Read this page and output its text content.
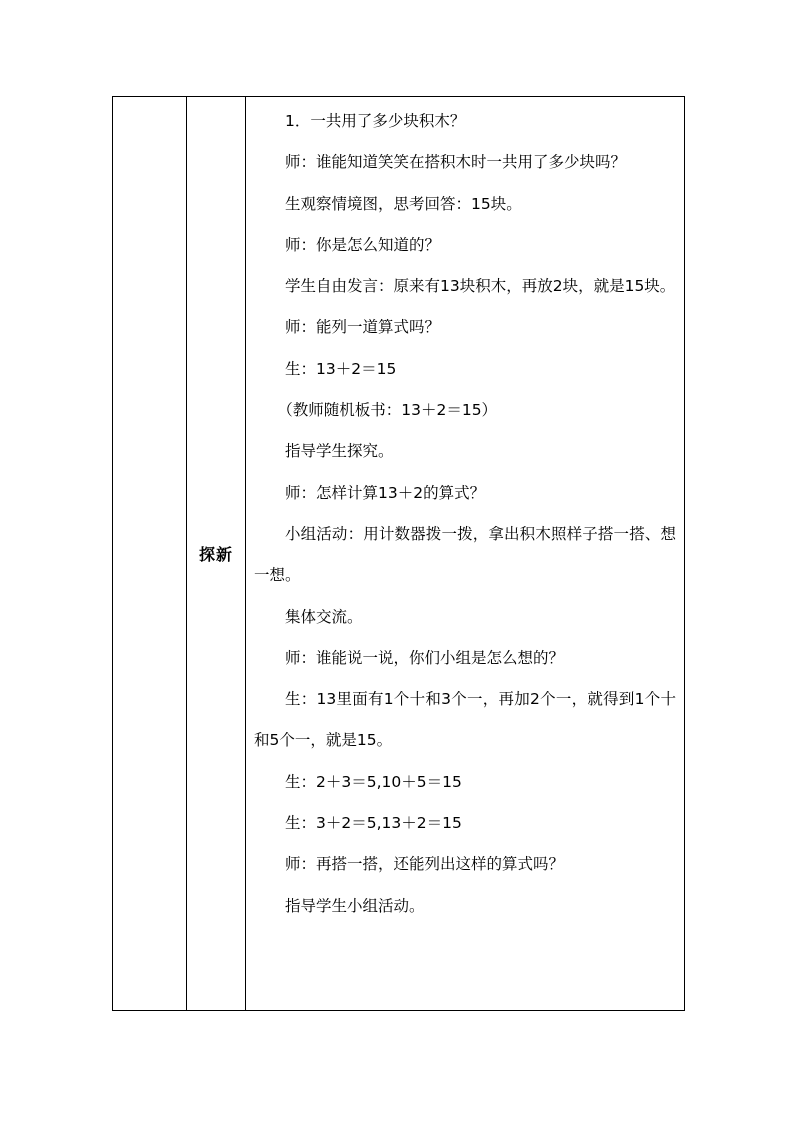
	探新	

1．一共用了多少块积木？

师：谁能知道笑笑在搭积木时一共用了多少块吗？

生观察情境图，思考回答：15块。

师：你是怎么知道的？

学生自由发言：原来有13块积木，再放2块，就是15块。

师：能列一道算式吗？

生：13＋2＝15

（教师随机板书：13＋2＝15）

指导学生探究。

师：怎样计算13＋2的算式？

小组活动：用计数器拨一拨，拿出积木照样子搭一搭、想一想。

集体交流。

师：谁能说一说，你们小组是怎么想的？

生：13里面有1个十和3个一，再加2个一，就得到1个十和5个一，就是15。

生：2＋3＝5,10＋5＝15

生：3＋2＝5,13＋2＝15

师：再搭一搭，还能列出这样的算式吗？

指导学生小组活动。
